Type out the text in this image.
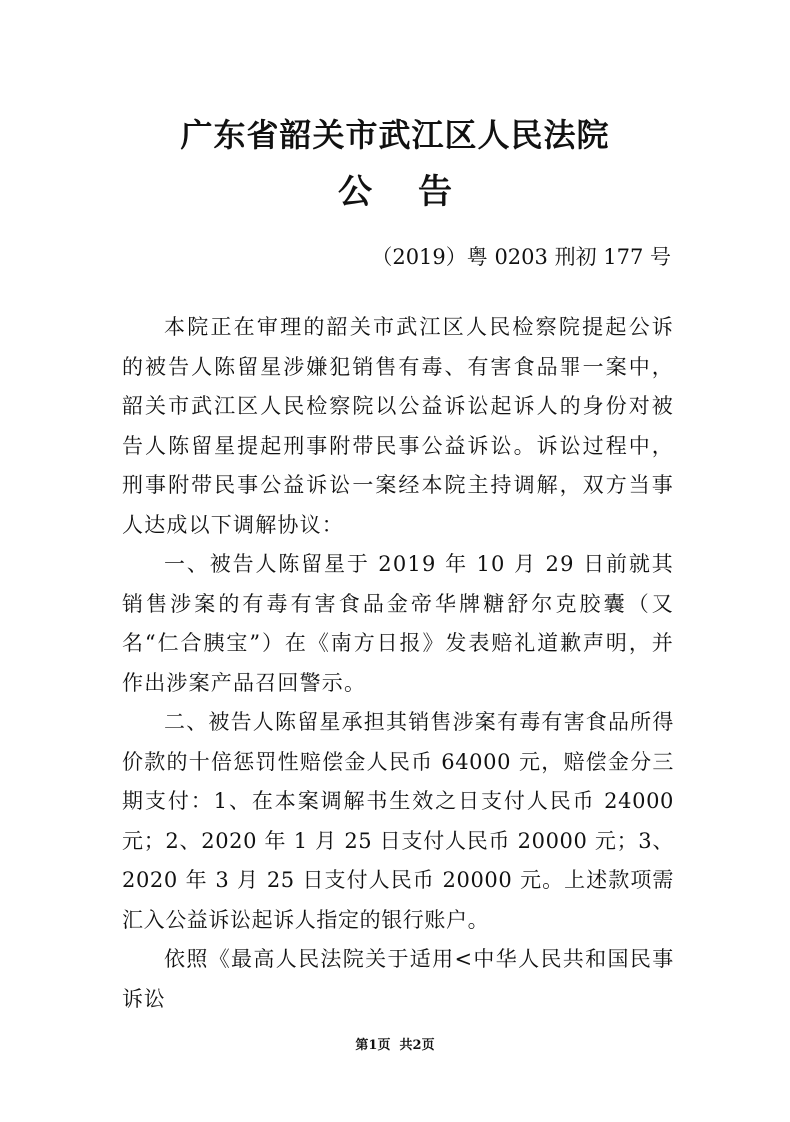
广东省韶关市武江区人民法院
公告

（2019）粤 0203 刑初 177 号

本院正在审理的韶关市武江区人民检察院提起公诉的被告人陈留星涉嫌犯销售有毒、有害食品罪一案中，韶关市武江区人民检察院以公益诉讼起诉人的身份对被告人陈留星提起刑事附带民事公益诉讼。诉讼过程中，刑事附带民事公益诉讼一案经本院主持调解，双方当事人达成以下调解协议：

一、被告人陈留星于 2019 年 10 月 29 日前就其销售涉案的有毒有害食品金帝华牌糖舒尔克胶囊（又名“仁合胰宝”）在《南方日报》发表赔礼道歉声明，并作出涉案产品召回警示。

二、被告人陈留星承担其销售涉案有毒有害食品所得价款的十倍惩罚性赔偿金人民币 64000 元，赔偿金分三期支付：1、在本案调解书生效之日支付人民币 24000 元；2、2020 年 1 月 25 日支付人民币 20000 元；3、2020 年 3 月 25 日支付人民币 20000 元。上述款项需汇入公益诉讼起诉人指定的银行账户。

依照《最高人民法院关于适用<中华人民共和国民事诉讼

第1页  共2页
